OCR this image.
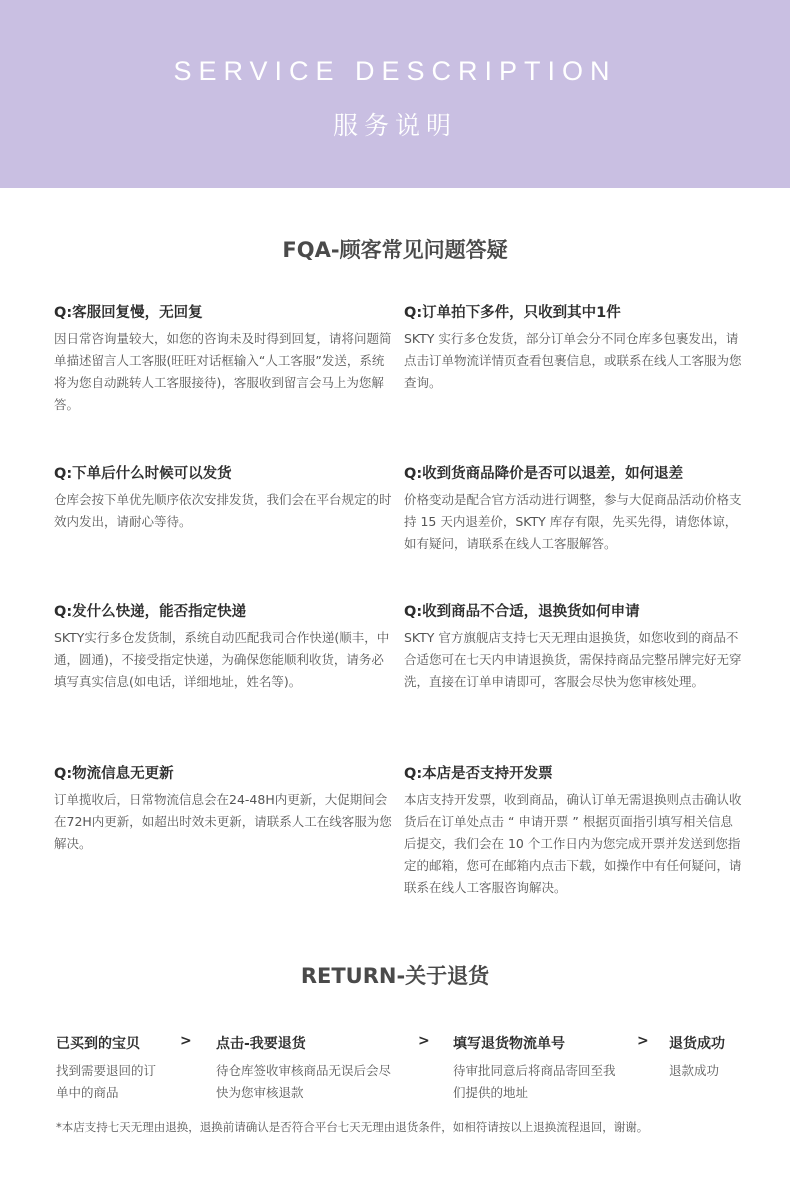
SERVICE DESCRIPTION
服务说明
FQA-顾客常见问题答疑

Q:客服回复慢，无回复

因日常咨询量较大，如您的咨询未及时得到回复，请将问题简单描述留言人工客服(旺旺对话框输入“人工客服”发送，系统将为您自动跳转人工客服接待)，客服收到留言会马上为您解答。

Q:订单拍下多件，只收到其中1件

SKTY 实行多仓发货，部分订单会分不同仓库多包裹发出，请点击订单物流详情页查看包裹信息，或联系在线人工客服为您查询。

Q:下单后什么时候可以发货

仓库会按下单优先顺序依次安排发货，我们会在平台规定的时效内发出，请耐心等待。

Q:收到货商品降价是否可以退差，如何退差

价格变动是配合官方活动进行调整，参与大促商品活动价格支持 15 天内退差价，SKTY 库存有限，先买先得，请您体谅，如有疑问，请联系在线人工客服解答。

Q:发什么快递，能否指定快递

SKTY实行多仓发货制，系统自动匹配我司合作快递(顺丰，中通，圆通)，不接受指定快递，为确保您能顺利收货，请务必填写真实信息(如电话，详细地址，姓名等)。

Q:收到商品不合适，退换货如何申请

SKTY 官方旗舰店支持七天无理由退换货，如您收到的商品不合适您可在七天内申请退换货，需保持商品完整吊牌完好无穿洗，直接在订单申请即可，客服会尽快为您审核处理。

Q:物流信息无更新

订单揽收后，日常物流信息会在24-48H内更新，大促期间会在72H内更新，如超出时效未更新，请联系人工在线客服为您解决。

Q:本店是否支持开发票

本店支持开发票，收到商品，确认订单无需退换则点击确认收货后在订单处点击 “ 申请开票 ” 根据页面指引填写相关信息后提交，我们会在 10 个工作日内为您完成开票并发送到您指定的邮箱，您可在邮箱内点击下载，如操作中有任何疑问，请联系在线人工客服咨询解决。

RETURN-关于退货
已买到的宝贝
找到需要退回的订单中的商品
> 点击-我要退货
待仓库签收审核商品无误后会尽快为您审核退款
> 填写退货物流单号
待审批同意后将商品寄回至我们提供的地址
> 退货成功
退款成功
*本店支持七天无理由退换，退换前请确认是否符合平台七天无理由退货条件，如相符请按以上退换流程退回，谢谢。
